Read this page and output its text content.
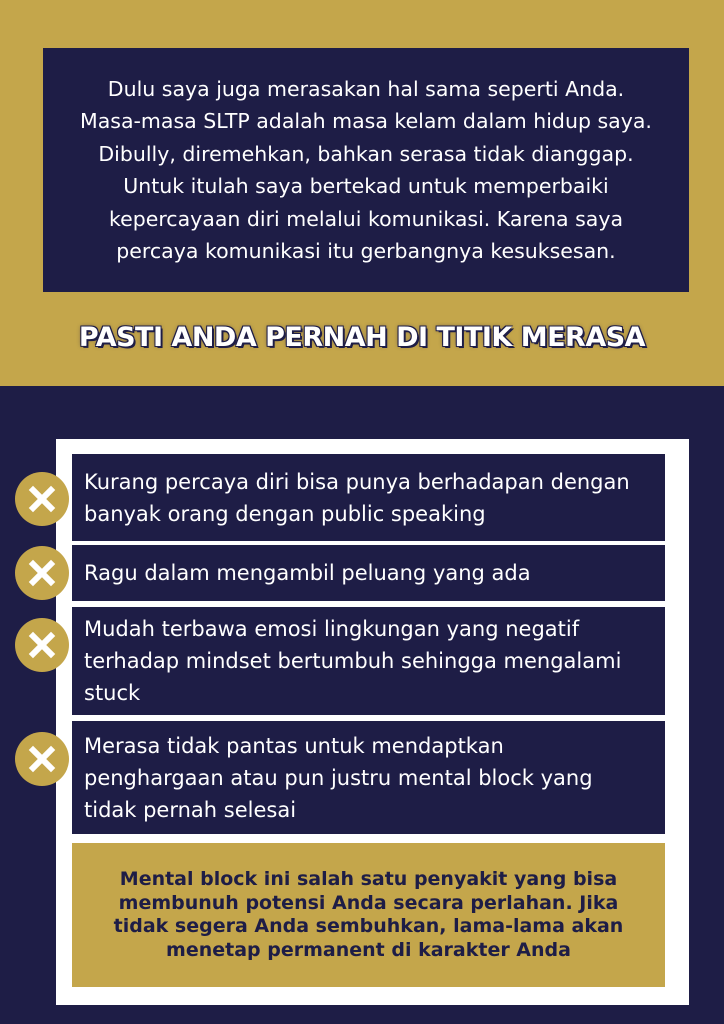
Dulu saya juga merasakan hal sama seperti Anda.
Masa-masa SLTP adalah masa kelam dalam hidup saya.
Dibully, diremehkan, bahkan serasa tidak dianggap.
Untuk itulah saya bertekad untuk memperbaiki
kepercayaan diri melalui komunikasi. Karena saya
percaya komunikasi itu gerbangnya kesuksesan.

PASTI ANDA PERNAH DI TITIK MERASA

Kurang percaya diri bisa punya berhadapan dengan
banyak orang dengan public speaking

Ragu dalam mengambil peluang yang ada

Mudah terbawa emosi lingkungan yang negatif
terhadap mindset bertumbuh sehingga mengalami
stuck

Merasa tidak pantas untuk mendaptkan
penghargaan atau pun justru mental block yang
tidak pernah selesai

Mental block ini salah satu penyakit yang bisa
membunuh potensi Anda secara perlahan. Jika
tidak segera Anda sembuhkan, lama-lama akan
menetap permanent di karakter Anda
